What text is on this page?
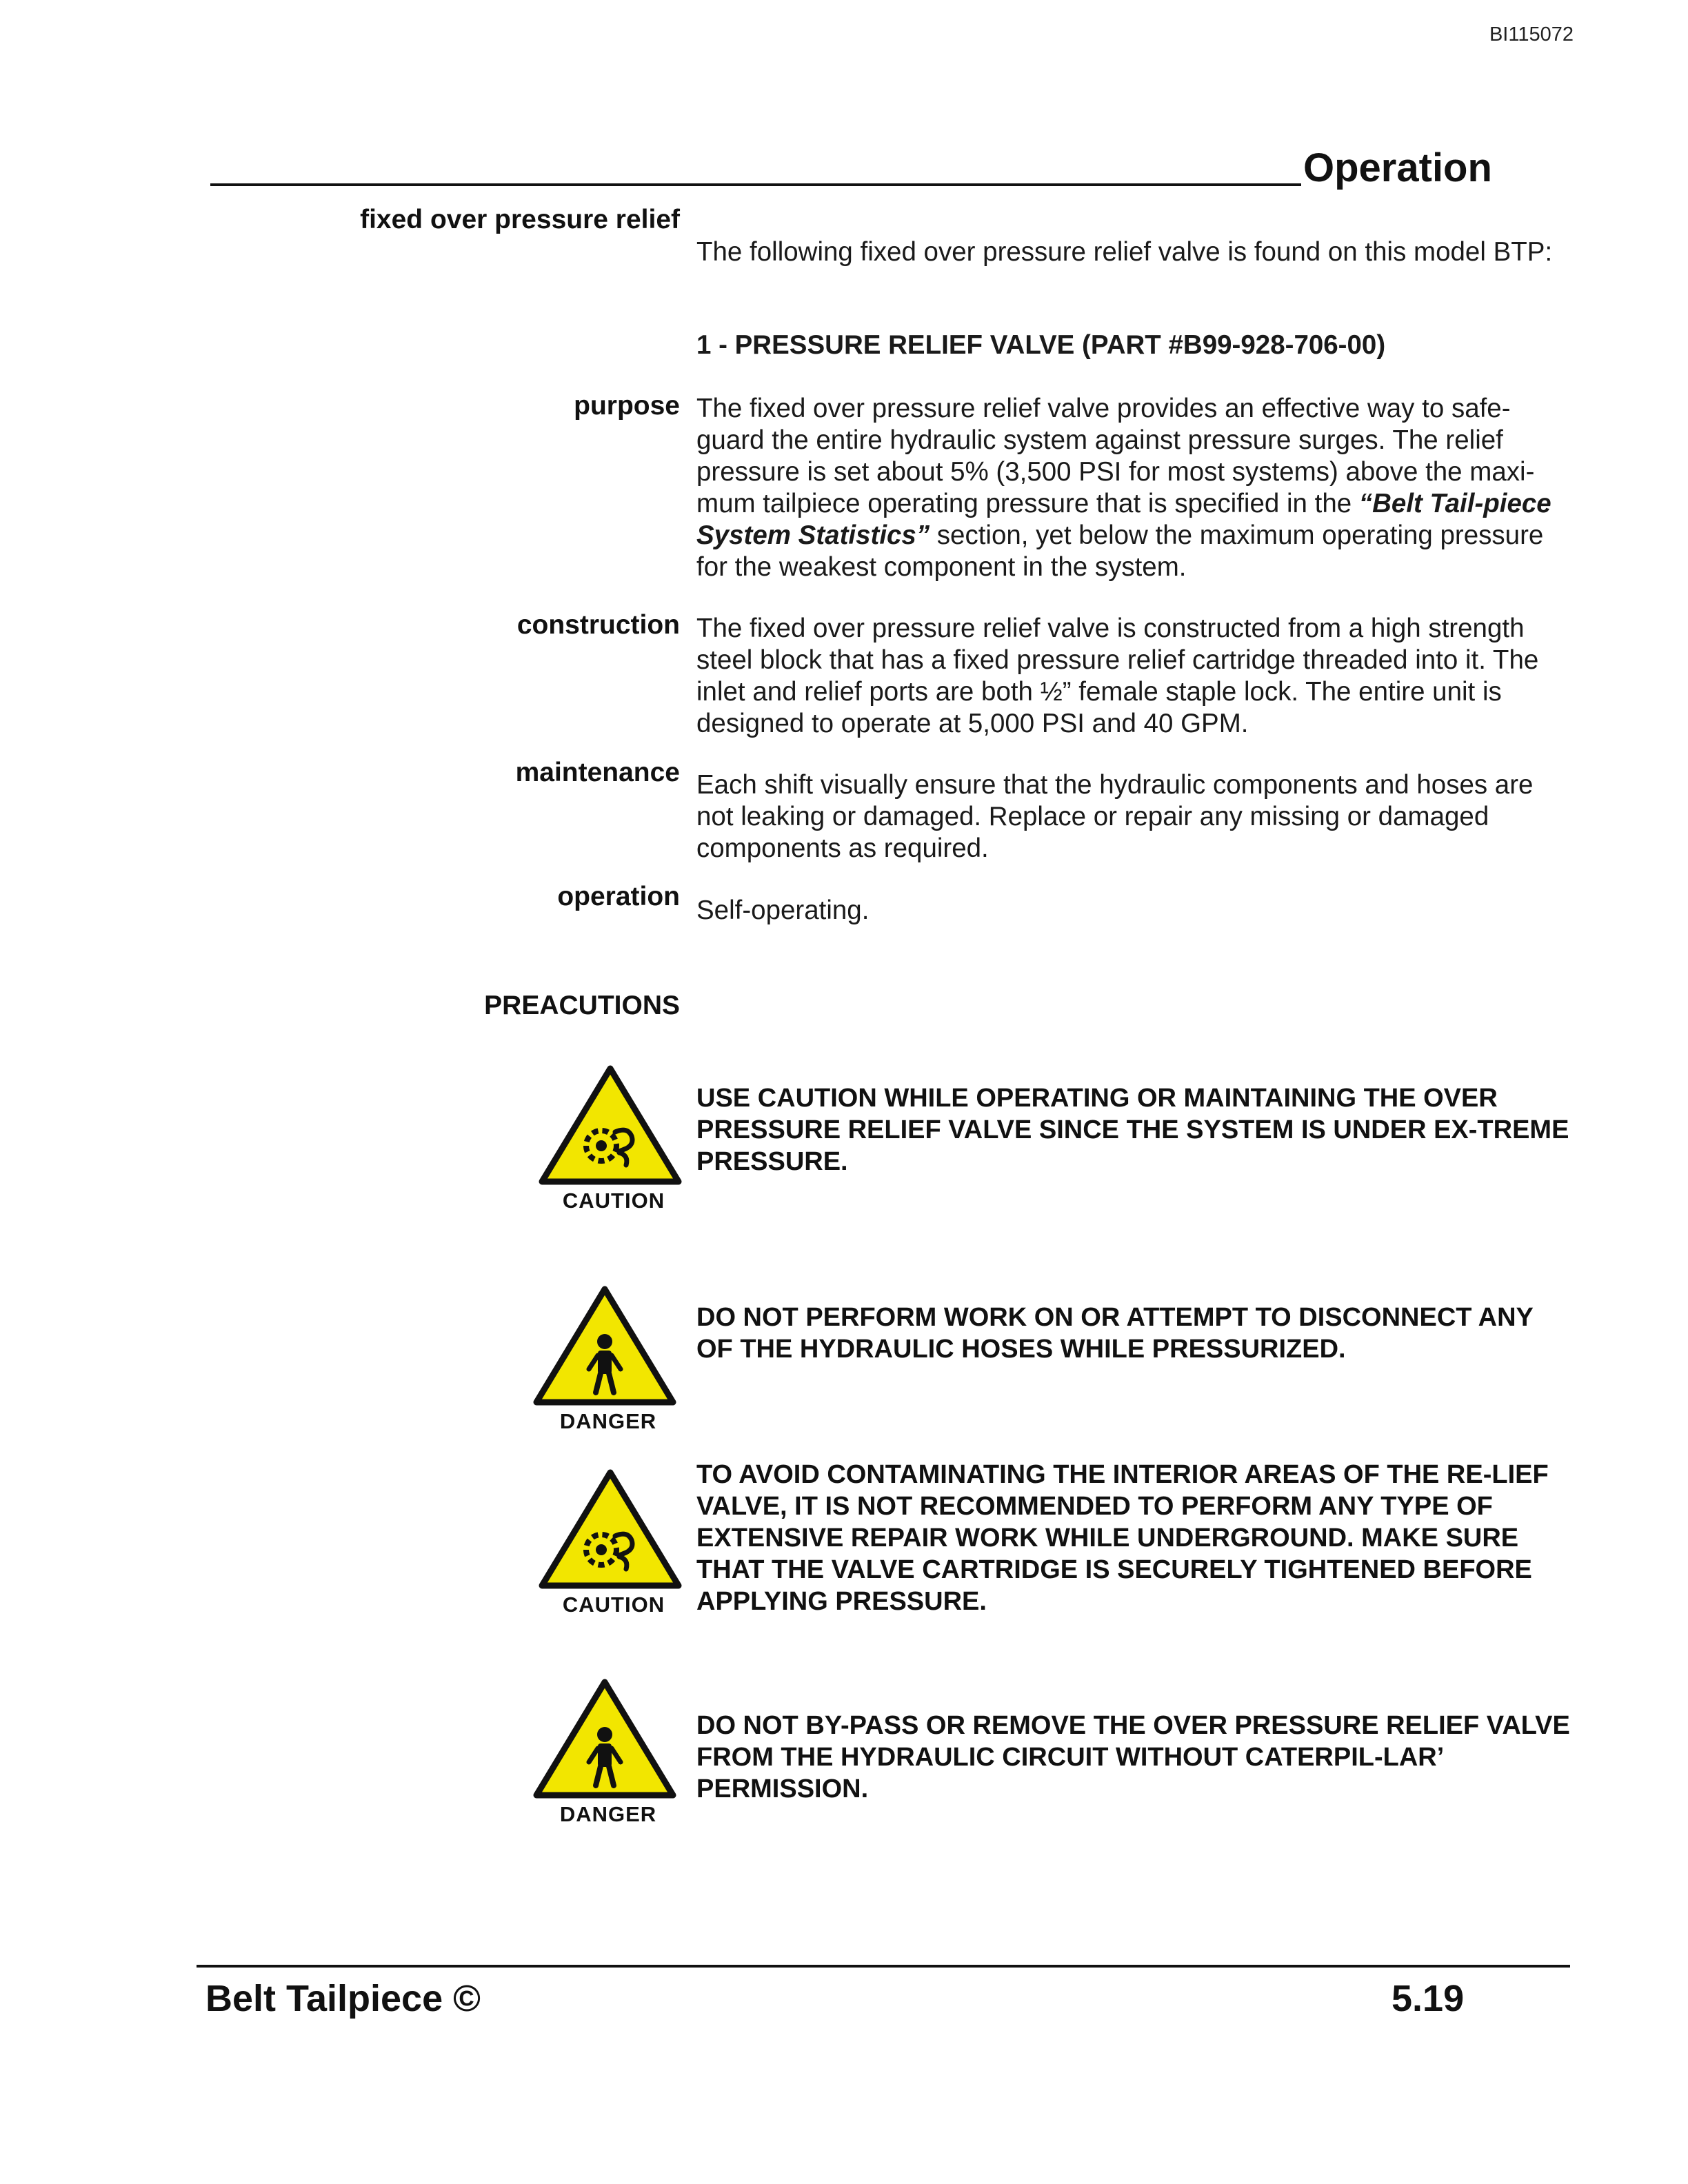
BI115072
Operation
fixed over pressure relief
The following fixed over pressure relief valve is found on this model BTP:
1 - PRESSURE RELIEF VALVE (PART #B99-928-706-00)
purpose The fixed over pressure relief valve provides an effective way to safe-guard the entire hydraulic system against pressure surges. The relief pressure is set about 5% (3,500 PSI for most systems) above the maxi-mum tailpiece operating pressure that is specified in the “Belt Tail-piece System Statistics” section, yet below the maximum operating pressure for the weakest component in the system.
construction The fixed over pressure relief valve is constructed from a high strength steel block that has a fixed pressure relief cartridge threaded into it. The inlet and relief ports are both ½” female staple lock. The entire unit is designed to operate at 5,000 PSI and 40 GPM.
maintenance Each shift visually ensure that the hydraulic components and hoses are not leaking or damaged. Replace or repair any missing or damaged components as required.
operation Self-operating.
PREACUTIONS
CAUTION
USE CAUTION WHILE OPERATING OR MAINTAINING THE OVER PRESSURE RELIEF VALVE SINCE THE SYSTEM IS UNDER EX-TREME PRESSURE.
DANGER
DO NOT PERFORM WORK ON OR ATTEMPT TO DISCONNECT ANY OF THE HYDRAULIC HOSES WHILE PRESSURIZED.
CAUTION
TO AVOID CONTAMINATING THE INTERIOR AREAS OF THE RE-LIEF VALVE, IT IS NOT RECOMMENDED TO PERFORM ANY TYPE OF EXTENSIVE REPAIR WORK WHILE UNDERGROUND. MAKE SURE THAT THE VALVE CARTRIDGE IS SECURELY TIGHTENED BEFORE APPLYING PRESSURE.
DANGER
DO NOT BY-PASS OR REMOVE THE OVER PRESSURE RELIEF VALVE FROM THE HYDRAULIC CIRCUIT WITHOUT CATERPIL-LAR’ PERMISSION.
Belt Tailpiece ©	5.19
